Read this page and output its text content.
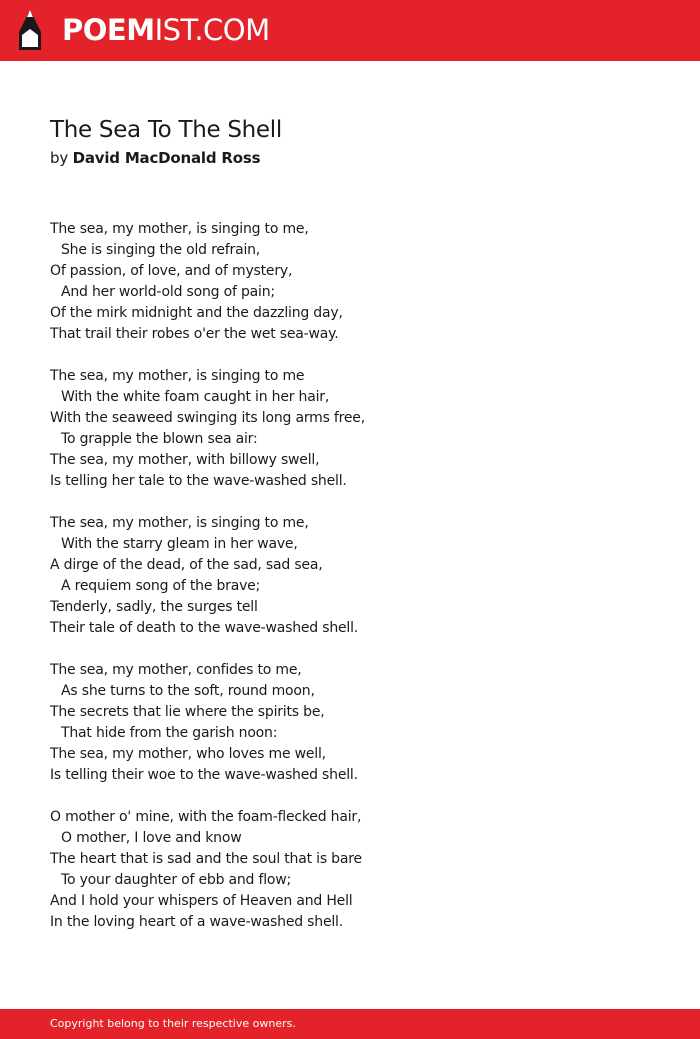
POEMIST.COM
The Sea To The Shell
by David MacDonald Ross
The sea, my mother, is singing to me,
She is singing the old refrain,
Of passion, of love, and of mystery,
And her world-old song of pain;
Of the mirk midnight and the dazzling day,
That trail their robes o'er the wet sea-way.
The sea, my mother, is singing to me
With the white foam caught in her hair,
With the seaweed swinging its long arms free,
To grapple the blown sea air:
The sea, my mother, with billowy swell,
Is telling her tale to the wave-washed shell.
The sea, my mother, is singing to me,
With the starry gleam in her wave,
A dirge of the dead, of the sad, sad sea,
A requiem song of the brave;
Tenderly, sadly, the surges tell
Their tale of death to the wave-washed shell.
The sea, my mother, confides to me,
As she turns to the soft, round moon,
The secrets that lie where the spirits be,
That hide from the garish noon:
The sea, my mother, who loves me well,
Is telling their woe to the wave-washed shell.
O mother o' mine, with the foam-flecked hair,
O mother, I love and know
The heart that is sad and the soul that is bare
To your daughter of ebb and flow;
And I hold your whispers of Heaven and Hell
In the loving heart of a wave-washed shell.
Copyright belong to their respective owners.
